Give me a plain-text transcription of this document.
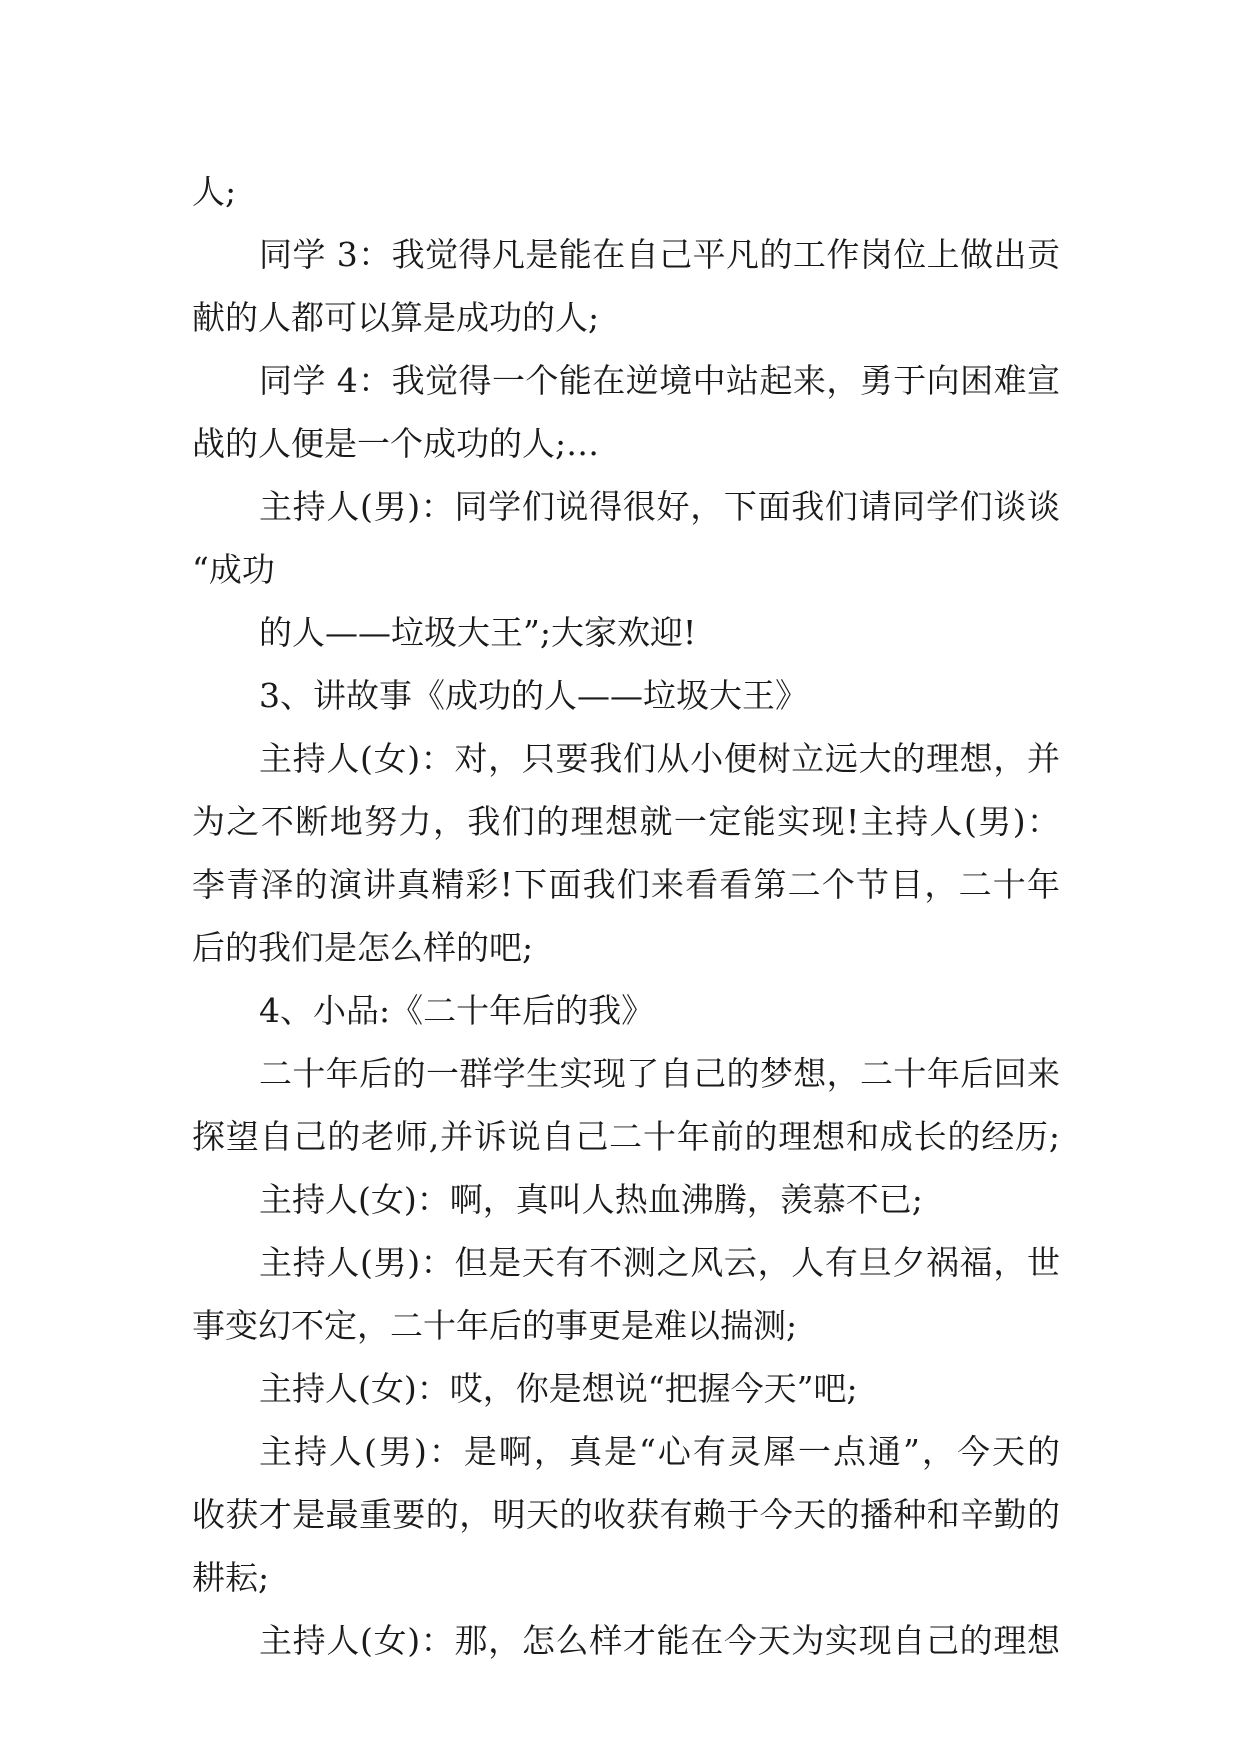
人;
同学 3：我觉得凡是能在自己平凡的工作岗位上做出贡
献的人都可以算是成功的人;
同学 4：我觉得一个能在逆境中站起来，勇于向困难宣
战的人便是一个成功的人;…
主持人(男)：同学们说得很好，下面我们请同学们谈谈
“成功
的人——垃圾大王”;大家欢迎!
3、讲故事《成功的人——垃圾大王》
主持人(女)：对，只要我们从小便树立远大的理想，并
为之不断地努力，我们的理想就一定能实现!主持人(男)：
李青泽的演讲真精彩!下面我们来看看第二个节目，二十年
后的我们是怎么样的吧;
4、小品:《二十年后的我》
二十年后的一群学生实现了自己的梦想，二十年后回来
探望自己的老师,并诉说自己二十年前的理想和成长的经历;
主持人(女)：啊，真叫人热血沸腾，羡慕不已;
主持人(男)：但是天有不测之风云，人有旦夕祸福，世
事变幻不定，二十年后的事更是难以揣测;
主持人(女)：哎，你是想说“把握今天”吧;
主持人(男)：是啊，真是“心有灵犀一点通”，今天的
收获才是最重要的，明天的收获有赖于今天的播种和辛勤的
耕耘;
主持人(女)：那，怎么样才能在今天为实现自己的理想
